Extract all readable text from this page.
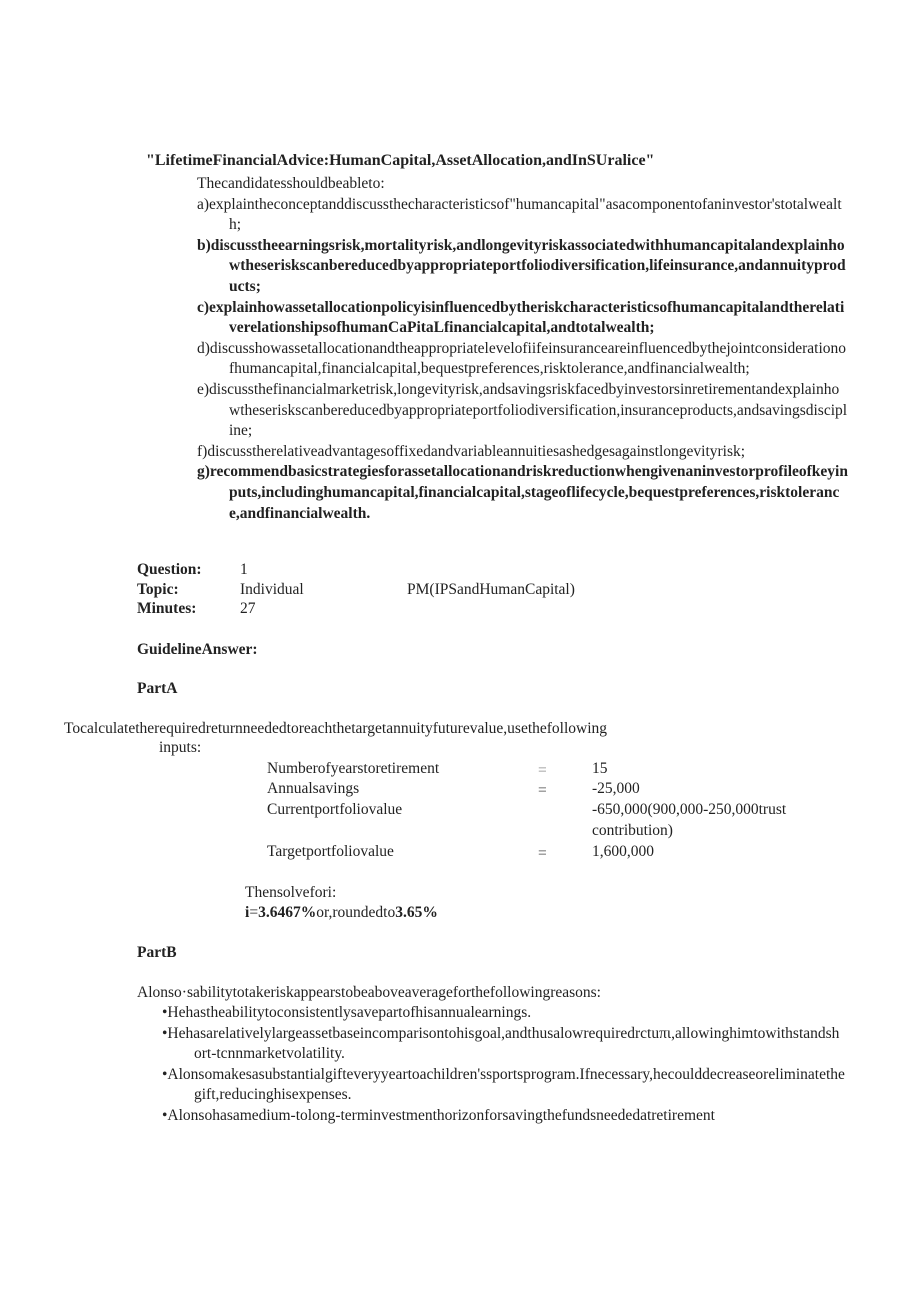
"LifetimeFinancialAdvice:HumanCapital,AssetAllocation,andInSUralice"

Thecandidatesshouldbeableto:

a)explaintheconceptanddiscussthecharacteristicsof"humancapital"asacomponentofaninvestor'stotalwealth;

b)discusstheearningsrisk,mortalityrisk,andlongevityriskassociatedwithhumancapitalandexplainhowtheseriskscanbereducedbyappropriateportfoliodiversification,lifeinsurance,andannuityproducts;

c)explainhowassetallocationpolicyisinfluencedbytheriskcharacteristicsofhumancapitalandtherelativerelationshipsofhumanCaPitaLfinancialcapital,andtotalwealth;

d)discusshowassetallocationandtheappropriatelevelofiifeinsuranceareinfluencedbythejointconsiderationofhumancapital,financialcapital,bequestpreferences,risktolerance,andfinancialwealth;

e)discussthefinancialmarketrisk,longevityrisk,andsavingsriskfacedbyinvestorsinretirementandexplainhowtheseriskscanbereducedbyappropriateportfoliodiversification,insuranceproducts,andsavingsdiscipline;

f)discusstherelativeadvantagesoffixedandvariableannuitiesashedgesagainstlongevityrisk;

g)recommendbasicstrategiesforassetallocationandriskreductionwhengivenaninvestorprofileofkeyinputs,includinghumancapital,financialcapital,stageoflifecycle,bequestpreferences,risktolerance,andfinancialwealth.

Question: 1
Topic:	Individual	PM(IPSandHumanCapital)
Minutes:	27
GuidelineAnswer:
PartA
Tocalculatetherequiredreturnneededtoreachthetargetannuityfuturevalue,usethefollowing
inputs:
Numberofyearstoretirement	=	15
Annualsavings	=	-25,000
Currentportfoliovalue	-650,000(900,000-250,000trust
contribution)
Targetportfoliovalue	=	1,600,000
Thensolvefori:
i=3.6467%or,roundedto3.65%
PartB
Alonso·sabilitytotakeriskappearstobeaboveaverageforthefollowingreasons:

•Hehastheabilitytoconsistentlysavepartofhisannualearnings.

•Hehasarelativelylargeassetbaseincomparisontohisgoal,andthusalowrequiredrctuπι,allowinghimtowithstandshort-tcnnmarketvolatility.

•Alonsomakesasubstantialgifteveryyeartoachildren'ssportsprogram.Ifnecessary,hecoulddecreaseoreliminatethegift,reducinghisexpenses.

•Alonsohasamedium-tolong-terminvestmenthorizonforsavingthefundsneededatretirement
